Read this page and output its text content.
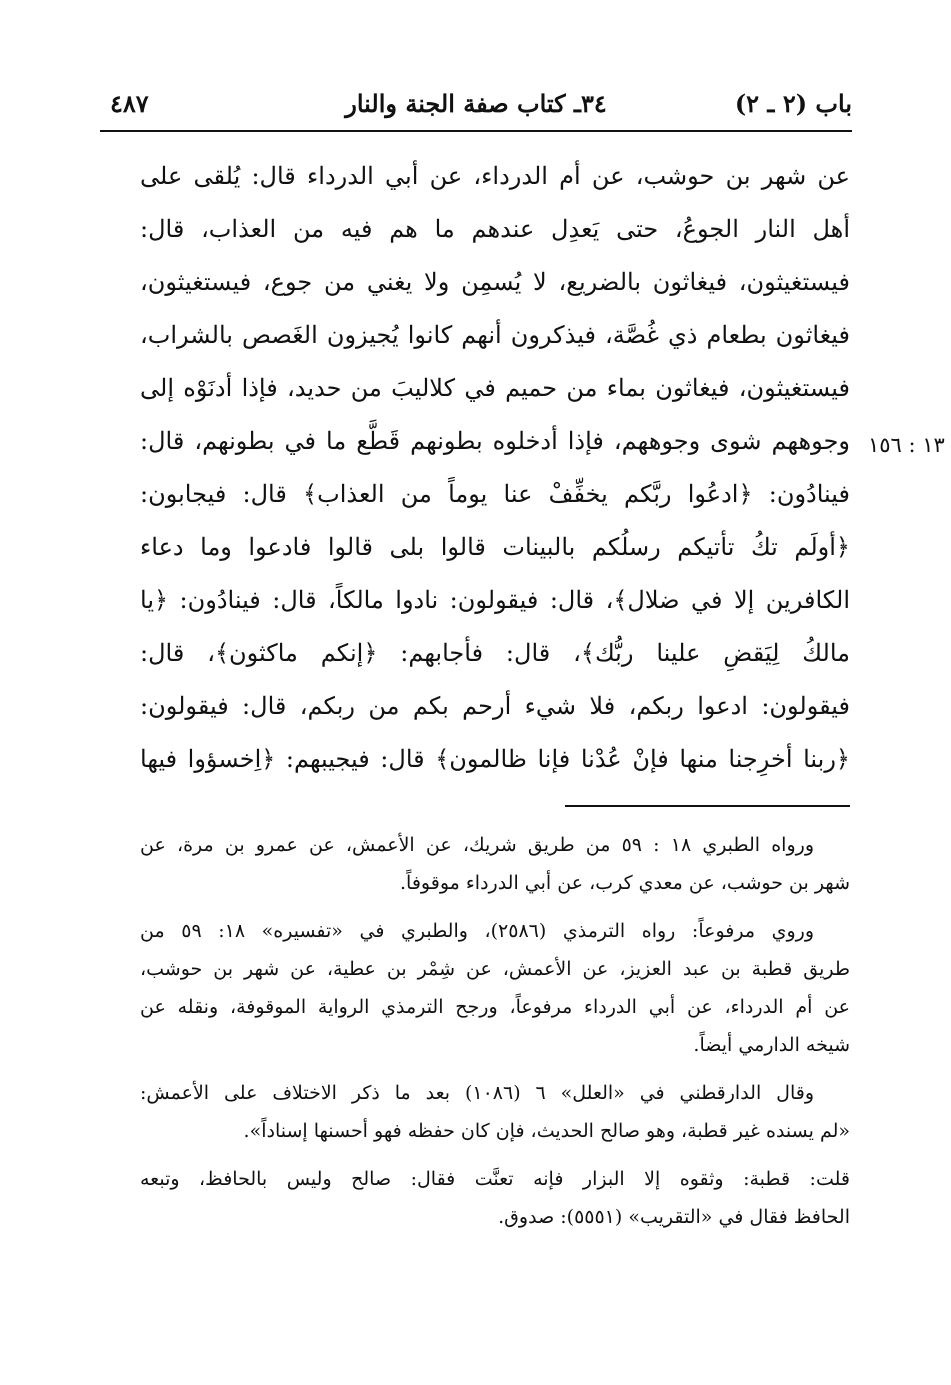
باب (٢ ـ ٢)
٣٤ـ كتاب صفة الجنة والنار
٤٨٧
١٣ : ١٥٦
عن شهر بن حوشب، عن أم الدرداء، عن أبي الدرداء قال: يُلقى على
أهل النار الجوعُ، حتى يَعدِل عندهم ما هم فيه من العذاب، قال:
فيستغيثون، فيغاثون بالضريع، لا يُسمِن ولا يغني من جوع، فيستغيثون،
فيغاثون بطعام ذي غُصَّة، فيذكرون أنهم كانوا يُجيزون الغَصص بالشراب،
فيستغيثون، فيغاثون بماء من حميم في كلاليبَ من حديد، فإذا أدنَوْه إلى
وجوههم شوى وجوههم، فإذا أدخلوه بطونهم قَطَّع ما في بطونهم، قال:
فينادُون: ﴿ادعُوا ربَّكم يخفِّفْ عنا يوماً من العذاب﴾ قال: فيجابون:
﴿أولَم تكُ تأتيكم رسلُكم بالبينات قالوا بلى قالوا فادعوا وما دعاء
الكافرين إلا في ضلال﴾، قال: فيقولون: نادوا مالكاً، قال: فينادُون: ﴿يا
مالكُ لِيَقضِ علينا ربُّك﴾، قال: فأجابهم: ﴿إنكم ماكثون﴾، قال:
فيقولون: ادعوا ربكم، فلا شيء أرحم بكم من ربكم، قال: فيقولون:
﴿ربنا أخرِجنا منها فإنْ عُدْنا فإنا ظالمون﴾ قال: فيجيبهم: ﴿اِخسؤوا فيها
ورواه الطبري ١٨ : ٥٩ من طريق شريك، عن الأعمش، عن عمرو بن مرة، عن
شهر بن حوشب، عن معدي كرب، عن أبي الدرداء موقوفاً.
وروي مرفوعاً: رواه الترمذي (٢٥٨٦)، والطبري في «تفسيره» ١٨: ٥٩ من
طريق قطبة بن عبد العزيز، عن الأعمش، عن شِمْر بن عطية، عن شهر بن حوشب،
عن أم الدرداء، عن أبي الدرداء مرفوعاً، ورجح الترمذي الرواية الموقوفة، ونقله عن
شيخه الدارمي أيضاً.
وقال الدارقطني في «العلل» ٦ (١٠٨٦) بعد ما ذكر الاختلاف على الأعمش:
«لم يسنده غير قطبة، وهو صالح الحديث، فإن كان حفظه فهو أحسنها إسناداً».
قلت: قطبة: وثقوه إلا البزار فإنه تعنَّت فقال: صالح وليس بالحافظ، وتبعه
الحافظ فقال في «التقريب» (٥٥٥١): صدوق.
